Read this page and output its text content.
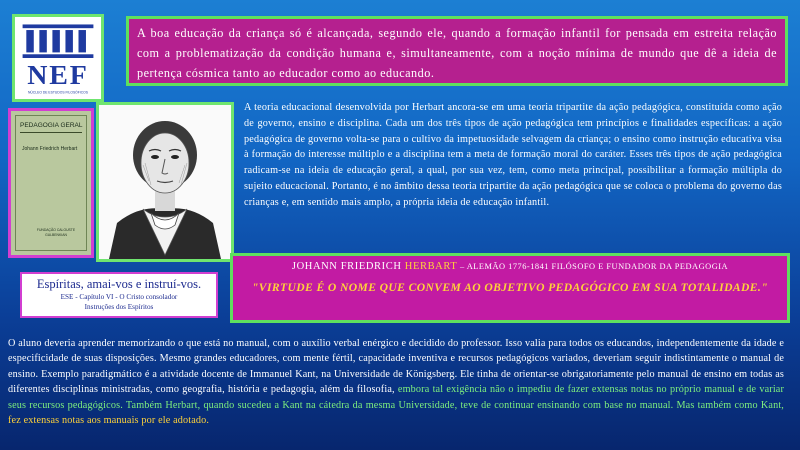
NEF
NÚCLEO DE ESTUDOS FILOSÓFICOS

A boa educação da criança só é alcançada, segundo ele, quando a formação infantil for pensada em estreita relação com a problematização da condição humana e, simultaneamente, com a noção mínima de mundo que dê a ideia de pertença cósmica tanto ao educador como ao educando.

PEDAGOGIA GERAL
Johann Friedrich Herbart
FUNDAÇÃO CALOUSTE GULBENKIAN

A teoria educacional desenvolvida por Herbart ancora-se em uma teoria tripartite da ação pedagógica, constituída como ação de governo, ensino e disciplina. Cada um dos três tipos de ação pedagógica tem princípios e finalidades específicas: a ação pedagógica de governo volta-se para o cultivo da impetuosidade selvagem da criança; o ensino como instrução educativa visa à formação do interesse múltiplo e a disciplina tem a meta de formação moral do caráter. Esses três tipos de ação pedagógica radicam-se na ideia de educação geral, a qual, por sua vez, tem, como meta principal, possibilitar a formação múltipla do sujeito educacional. Portanto, é no âmbito dessa teoria tripartite da ação pedagógica que se coloca o problema do governo das crianças e, em sentido mais amplo, a própria ideia de educação infantil.

JOHANN FRIEDRICH HERBART – ALEMÃO 1776-1841 FILÓSOFO E FUNDADOR DA PEDAGOGIA
"VIRTUDE É O NOME QUE CONVEM AO OBJETIVO PEDAGÓGICO EM SUA TOTALIDADE."
Espíritas, amai-vos e instruí-vos.
ESE - Capítulo VI - O Cristo consolador
Instruções dos Espíritos

O aluno deveria aprender memorizando o que está no manual, com o auxílio verbal enérgico e decidido do professor. Isso valia para todos os educandos, independentemente da idade e especificidade de suas disposições. Mesmo grandes educadores, com mente fértil, capacidade inventiva e recursos pedagógicos variados, deveriam seguir indistintamente o manual de ensino. Exemplo paradigmático é a atividade docente de Immanuel Kant, na Universidade de Königsberg. Ele tinha de orientar-se obrigatoriamente pelo manual de ensino em todas as diferentes disciplinas ministradas, como geografia, história e pedagogia, além da filosofia, embora tal exigência não o impediu de fazer extensas notas no próprio manual e de variar seus recursos pedagógicos. Também Herbart, quando sucedeu a Kant na cátedra da mesma Universidade, teve de continuar ensinando com base no manual. Mas também como Kant, fez extensas notas aos manuais por ele adotado.
